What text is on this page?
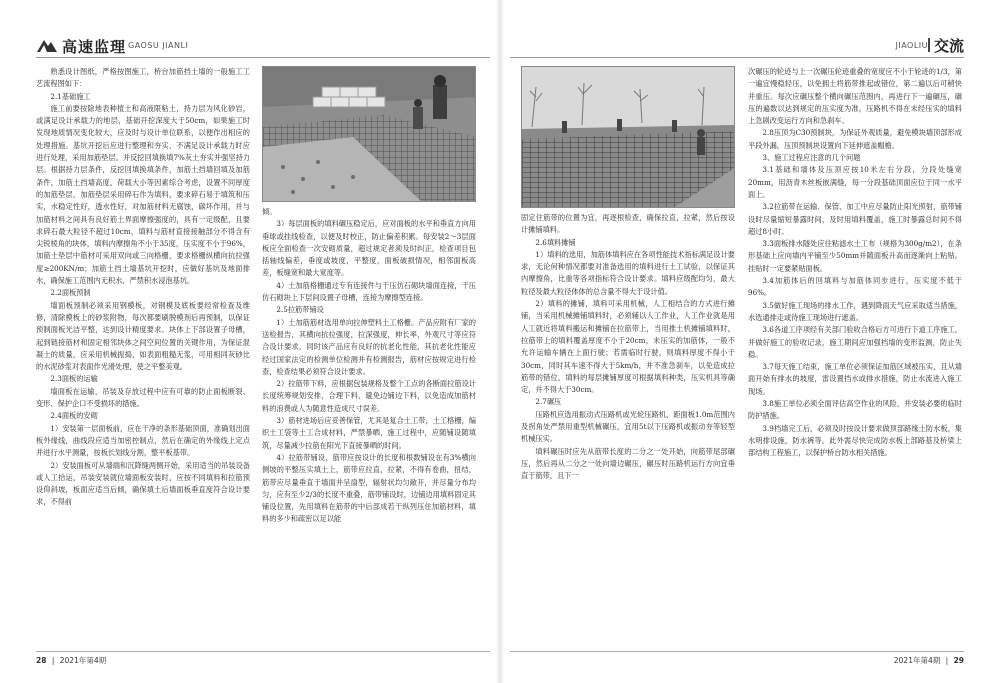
高速监理 GAOSU JIANLI	JIAOLIU 交流

熟悉设计图纸，严格按图施工，桥台加筋挡土墙的一般施工工艺流程图如下：

2.1基础施工

施工前要按除地表种植土和高液限粘土，持力层为风化砂岩，或满足设计承载力的地层，基础开挖深度大于50cm，如果施工时发现地质情况变化较大，应及时与设计单位联系，以便作出相应的处理措施。基坑开挖后应进行整理和夯实，不满足设计承载力时应进行处理，采用加筋垫层。并反挖回填换填7%灰土夯实并强坚持力层。根据持力层条件，反挖回填换填条件，加筋土挡墙回填及加筋条件，加筋土挡墙高度，荷载大小等因素综合考虑，设置不同厚度的加筋垫层，加筋垫层采用碎石作为填料，要求碎石易于填筑和压实，水稳定性好，透水性好，对加筋材料无腐蚀，碳坏作用，并与加筋材料之间具有良好筋土界面摩擦强度的，具有一定级配，且要求碎石最大粒径不超过10cm，填料与筋材直接接触部分不得含有尖锐棱角的块体，填料内摩擦角不小于35度，压实度不小于96%，加筋土垫层中筋材可采用双向或三向格栅，要求格栅纵横向抗拉强度≥200KN/m；加筋土挡土墙基坑开挖时，应做好基坑及地面排水，确保施工范围内无积水，严禁积水浸泡基坑。

2.2面板预制

墙面板预制必须采用钢模板，对钢模及底板要经常检查及维修，清除模板上的砂浆附物，每次都要刷脱模剂后再预制，以保证预制面板光洁平整，达到设计精度要求。块体上下部设置子母槽，起到链接筋材和固定相邻块体之间空间位置的关键作用，为保证混凝土的质量，应采用机械振捣，如表面粗糙无浆，可用相同灰砂比的水泥砂浆对表面作光滑处理，使之平整美观。

2.3面板的运输

墙面板在运输、吊装及存放过程中应有可靠的防止面板断裂、变形、保护企口不受损坏的措施。

2.4面板的安砌

1）安装第一层面板前，应在干净的条形基础顶面，准确划出面板外缘线，曲线段应适当加密控制点，然后在确定的外缘线上定点并进行水平测量，按板长划线分割，整平板基带。

2）安装面板可从墙端和沉降缝两侧开始，采用适当的吊装设备或人工拾运，吊装安装就位墙面板安装时，应按不同填料和拉筋预设仰斜坡，板面应适当后倾，确保填土后墙面板垂直度符合设计要求，不得前

倾。

3）每层面板的填料碾压稳定后，应对面板的水平和垂直方向用垂球或挂线检查，以便及时校正，防止偏差积累。每安装2～3层面板应全面检查一次安砌质量，超过规定者须及时纠正，检查项目包括轴线偏差，垂度或坡度，平整度，面板破损情况，相邻面板高差，板缝宽和最大宽度等。

4）土加筋格栅通过专有连接件与干压仿石砌块墙面连接，干压仿石砌块上下层间设置子母槽，连接为摩擦型连接。

2.5拉筋带铺设

1）土加筋筋材选用单向拉伸塑料土工格栅。产品应附有厂家的送检报告，其横向抗拉强度，拉深强度，伸长率，外观尺寸等应符合设计要求，同时该产品应有良好的抗老化性能，其抗老化性能应经过国家法定的检测单位检测并有检测报告，筋材应按规定进行检查，检查结果必须符合设计要求。

2）拉筋带下料，应根据包装规格及整个工点的各断面拉筋设计长度统筹规划安排，合理下料，避免边铺边下料，以免造成加筋材料的浪费或人为随意性造成尺寸误差。

3）筋材进场后应妥善保管，尤其是复合土工带，土工格栅，编织土工袋等土工合成材料，严禁暴晒，施工过程中，应随铺设随填筑，尽量减少拉筋在阳光下直接暴晒的时间。

4）拉筋带铺设，筋带应按设计的长度和根数铺设在有3%横向侧坡的平整压实填土上，筋带应拉直，拉紧，不得有卷曲，扭结，筋带应尽量垂直于墙面并呈扇型，辐射状均匀敞开，并尽量分布均匀，应有至少2/3的长度不重叠，筋带铺设时，边铺边用填料固定其铺设位置，先用填料在筋带的中后部成若干纵列压住加筋材料，填料的多少和疏密以足以能

固定住筋带的位置为宜，再逐根检查，确保拉直，拉紧，然后按设计摊铺填料。

2.6填料摊铺

1）填料的选用，加筋体填料应在各项性能技术指标满足设计要求，无论何种情况都要对准备选用的填料进行土工试验，以保证其内摩擦角，比重等各项指标符合设计要求。填料应级配均匀，最大粒径及最大粒径体体的总含量不得大于设计值。

2）填料的摊铺，填料可采用机械，人工相结合的方式进行摊铺，当采用机械摊铺填料时，必须辅以人工作业，人工作业就是用人工就近将填料搬运和摊铺在拉筋带上，当用推土机摊铺填料时，拉筋带上的填料覆盖厚度不小于20cm，未压实的加筋体，一般不允许运输车辆在上面行驶；若需临时行驶，则填料厚度不得小于30cm，同时其车速不得大于5km/h，并不准急刹车，以免造成拉筋带的错位，填料的每层摊铺厚度可根据填料种类，压实机具等确定，并不得大于30cm。

2.7碾压

压路机应选用振动式压路机或光轮压路机，距面板1.0m范围内及拐角处严禁用重型机械碾压，宜用5t以下压路机或振动夯等轻型机械压实。

填料碾压时应先从筋带长度的二分之一处开始，向筋带尾部碾压，然后再从二分之一处向墙边碾压，碾压时压路机运行方向宜垂直于筋带，且下一

次碾压的轮迹与上一次碾压轮迹重叠的宽度应不小于轮迹的1/3，第一遍宜慢稳轻压，以免拥土将筋带推起或错位，第二遍以后可稍快并重压。每次应碾压整个横向碾压范围内，再进行下一遍碾压，碾压的遍数以达到规定的压实度为准，压路机不得在未经压实的填料上急剧改变运行方向和急刹车。

2.8压顶为C30预制块，为保证外观质量，避免模块墙顶部形成平段外漏，压顶预制块设置向下延伸遮盖帽檐。

3、施工过程应注意的几个问题

3.1基础和墙体及压顶应按10米左右分段，分段处缝宽20mm，用沥青木丝板嵌满缝，每一分段基础顶面应位于同一水平面上。

3.2拉筋带在运输、保管、加工中应尽量防止阳光照射，筋带铺设时尽量缩短暴露时间，及时用填料覆盖，施工时暴露总时间不得超过8小时。

3.3面板排水隧处应往粘滤水土工布（规格为300g/m2），在条形基础上应向墙内平铺至少50mm并随面板升高而逐渐向上粘贴。挂贴时一定要紧贴面板。

3.4加筋体后的回填料与加筋体同步进行，压实度不低于96%。

3.5做好施工现场的排水工作，遇到降雨天气应采取适当措施，水选通排走或待施工现场进行遮盖。

3.6各道工序项经有关部门验收合格后方可进行下道工序施工，并做好施工的验收记录，施工期间应加强档墙的变形监测，防止失稳。

3.7每天施工结束，施工单位必须保证加筋区域被压实，且从墙面开始有排水的坡度，雷设置挡水或排水措施，防止水流进入施工现场。

3.8施工单位必须全面评估高空作业的风险，并安装必要的临时防护措施。

3.9档墙完工后，必须及时按设计要求做顶部路缘土防水板，集水明排设施，防水裤等。此外需尽快完成防水板上部路基及桥梁上部结构工程施工，以保护桥台防水相关措施。

28 | 2021年第4期	2021年第4期 | 29
